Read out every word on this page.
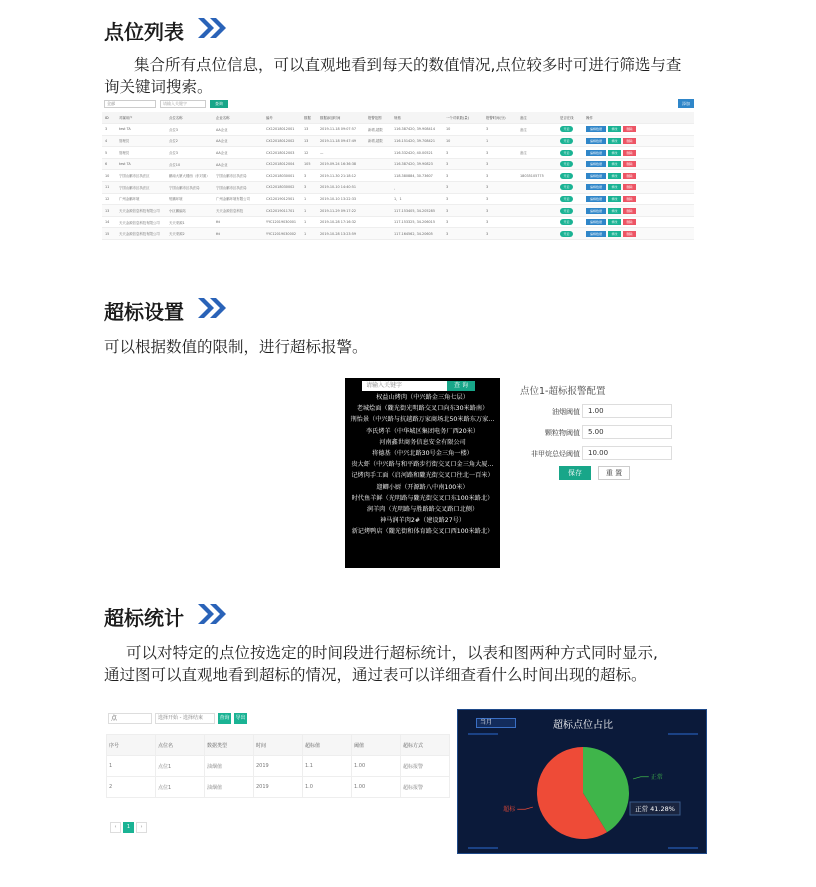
点位列表
集合所有点位信息，可以直观地看到每天的数值情况,点位较多时可进行筛选与查
询关键词搜索。
全部	请输入关键字	查询	添加
ID	对属用户	点位名称	企业名称	编号	数据	数据添加时间	报警范围	规格	一个对象数(量)	报警时间(分)	备注	是否在线	操作
3	test TA	点位3	AA企业	CX12018012001	13	2019-11-18 09:07:57	新增,超限	116.387420, 39.908414	10	3	备注	开启	编辑数据 修改 删除
4	管理员	点位2	AA企业	CX12018012002	13	2019-11-18 09:47:49	新增,超限	116.151420, 39.708421	10	1		开启	编辑数据 修改 删除
5	管理员	点位3	AA企业	CX12018012003	12	—		116.332420, 40.00521	3	3	备注	开启	编辑数据 修改 删除
6	test TA	点位10	AA企业	CX12018012004	105	2019-09-24 16:36:38		116.387420, 39.90823	3	3		开启	编辑数据 修改 删除
10	宁国山鹏市区执法区	鹏南大厦大楼西（东对面）	宁国山鹏市区执法局	CX12018030001	3	2019-11-30 21:18:12		118.380884, 30.73607	3	3	18035105775	开启	编辑数据 修改 删除
11	宁国山鹏市区执法区	宁国山鹏市区执法局	宁国山鹏市区执法局	CX12018030002	3	2019-10-10 14:40:51		，	3	3		开启	编辑数据 修改 删除
12	广州金鹏环境	短鹏环境	广州金鹏环境有限公司	CX12019012501	1	2019-10-10 13:22:33		1，1	3	3		开启	编辑数据 修改 删除
13	天天金源信息科技有限公司	小区鹏编站	天天金源信息科技	CX12019011701	1	2019-11-29 09:17:22		117.153405, 34.205285	3	3		开启	编辑数据 修改 删除
14	天天金源信息科技有限公司	天天采源1	ttt	YYC12019030001	1	2019-10-28 17:16:32		117.153325, 34.206015	3	3		开启	编辑数据 修改 删除
15	天天金源信息科技有限公司	天天采源2	ttt	YYC12019030002	1	2019-10-28 13:23:59		117.164562, 34.20605	3	3		开启	编辑数据 修改 删除
超标设置
可以根据数值的限制，进行超标报警。
请输入关键字	查 询
权益山烤肉（中兴路金三角七层）
老城烩面（隴光街光明路交叉口向东30米路南）
荆怡景（中兴路与抗越路万家商场北50米路东万家…
李氏烤羊（中华城区集团电务厂西20米）
河南鑫世商务信息安全有限公司
将德基（中兴北路30号金三角一楼）
贵大虾（中兴路与和平路步行街交叉口金三角大厦…
记烤肉手工面（启河路和隴光街交叉口往北一百米）
遛鲫小厨（开源路八中南100米）
时代鱼羊鲜（光明路与隴光街交叉口东100米路北）
润羊肉（光明路与胜路路交叉路口北侧）
神马润羊肉2#（建设路27号）
新记烤鸭店（隴光街和体育路交叉口西100米路北）
点位1-超标报警配置
油烟阈值	1.00
颗粒物阈值	5.00
非甲烷总烃阈值	10.00
保存	重 置
超标统计
可以对特定的点位按选定的时间段进行超标统计，以表和图两种方式同时显示,
通过图可以直观地看到超标的情况，通过表可以详细查看什么时间出现的超标。
点	选择开始 - 选择结束	查询	导出
序号	点位名	数据类型	时间	超标值	阈值	超标方式
1	点位1	油烟值	2019	1.1	1.00	超标报警
2	点位1	油烟值	2019	1.0	1.00	超标报警
‹	1	›
当月	超标点位占比
正常
超标	正常 41.28%
